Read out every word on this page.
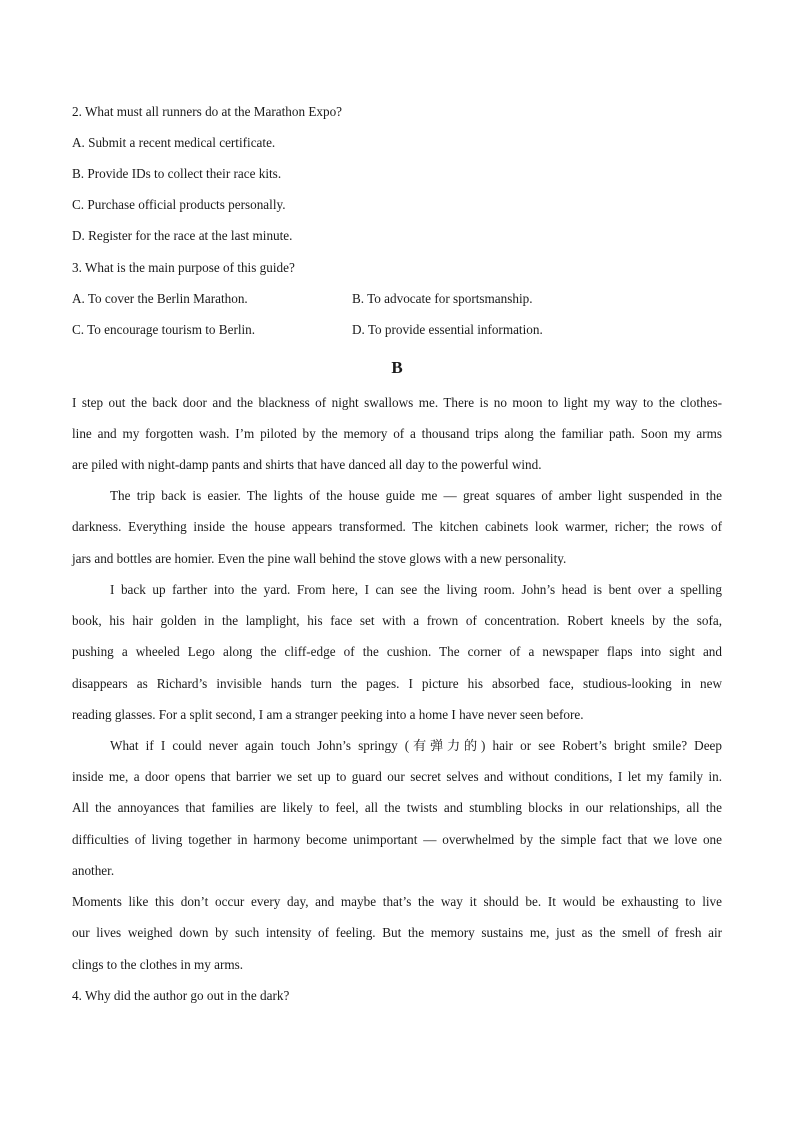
2. What must all runners do at the Marathon Expo?
A. Submit a recent medical certificate.
B. Provide IDs to collect their race kits.
C. Purchase official products personally.
D. Register for the race at the last minute.
3. What is the main purpose of this guide?
A. To cover the Berlin Marathon.	B. To advocate for sportsmanship.
C. To encourage tourism to Berlin.	D. To provide essential information.
B
I step out the back door and the blackness of night swallows me. There is no moon to light my way to the clothes-
line and my forgotten wash. I’m piloted by the memory of a thousand trips along the familiar path. Soon my arms
are piled with night-damp pants and shirts that have danced all day to the powerful wind.
The trip back is easier. The lights of the house guide me — great squares of amber light suspended in the
darkness. Everything inside the house appears transformed. The kitchen cabinets look warmer, richer; the rows of
jars and bottles are homier. Even the pine wall behind the stove glows with a new personality.
I back up farther into the yard. From here, I can see the living room. John’s head is bent over a spelling
book, his hair golden in the lamplight, his face set with a frown of concentration. Robert kneels by the sofa,
pushing a wheeled Lego along the cliff-edge of the cushion. The corner of a newspaper flaps into sight and
disappears as Richard’s invisible hands turn the pages. I picture his absorbed face, studious-looking in new
reading glasses. For a split second, I am a stranger peeking into a home I have never seen before.
What if I could never again touch John’s springy (有弹力的) hair or see Robert’s bright smile? Deep
inside me, a door opens that barrier we set up to guard our secret selves and without conditions, I let my family in.
All the annoyances that families are likely to feel, all the twists and stumbling blocks in our relationships, all the
difficulties of living together in harmony become unimportant — overwhelmed by the simple fact that we love one
another.
Moments like this don’t occur every day, and maybe that’s the way it should be. It would be exhausting to live
our lives weighed down by such intensity of feeling. But the memory sustains me, just as the smell of fresh air
clings to the clothes in my arms.
4. Why did the author go out in the dark?
